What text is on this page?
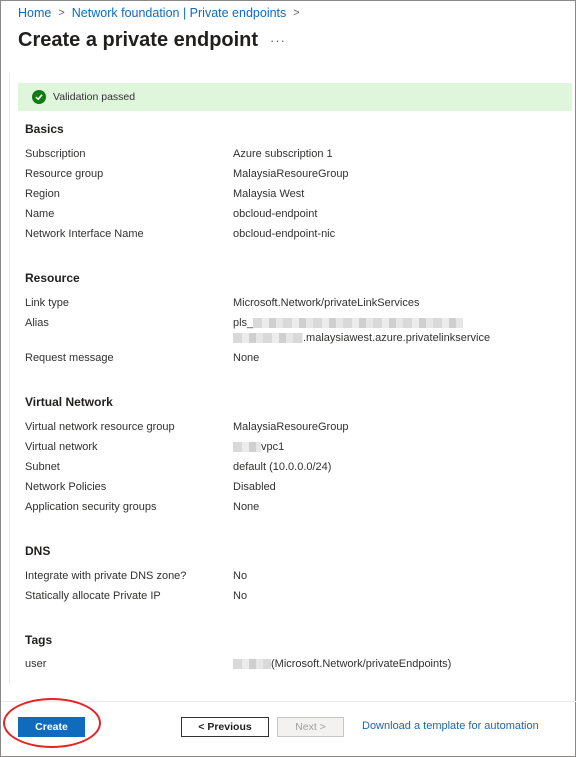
Home > Network foundation | Private endpoints >
Create a private endpoint ···
Validation passed
Basics
Subscription	Azure subscription 1
Resource group	MalaysiaResoureGroup
Region	Malaysia West
Name	obcloud-endpoint
Network Interface Name	obcloud-endpoint-nic
Resource
Link type	Microsoft.Network/privateLinkServices
Alias	pls_
.malaysiawest.azure.privatelinkservice
Request message	None
Virtual Network
Virtual network resource group	MalaysiaResoureGroup
Virtual network	vpc1
Subnet	default (10.0.0.0/24)
Network Policies	Disabled
Application security groups	None
DNS
Integrate with private DNS zone?	No
Statically allocate Private IP	No
Tags
user	(Microsoft.Network/privateEndpoints)
Create	< Previous	Next >	Download a template for automation
